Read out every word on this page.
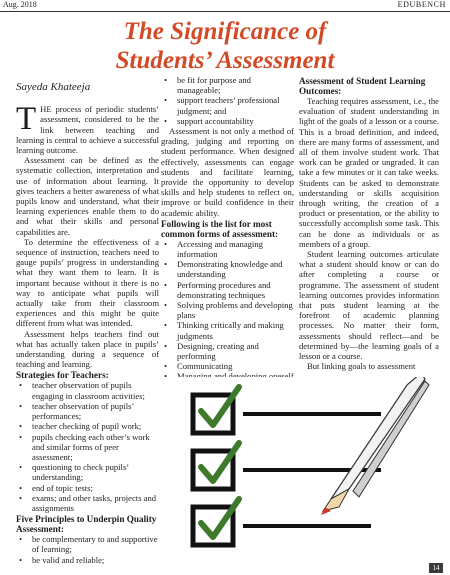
Aug. 2018	EDUBENCH
The Significance of
Students’ Assessment
Sayeda Khateeja

THE process of periodic students’ assessment, considered to be the link between teaching and learning is central to achieve a successful learning outcome.

Assessment can be defined as the systematic collection, interpretation and use of information about learning. It gives teachers a better awareness of what pupils know and understand, what their learning experiences enable them to do and what their skills and personal capabilities are.

To determine the effectiveness of a sequence of instruction, teachers need to gauge pupils’ progress in understanding what they want them to learn. It is important because without it there is no way to anticipate what pupils will actually take from their classroom experiences and this might be quite different from what was intended.

Assessment helps teachers find out what has actually taken place in pupils’ understanding during a sequence of teaching and learning.

Strategies for Teachers:
• teacher observation of pupils engaging in classroom activities;
• teacher observation of pupils’ performances;
• teacher checking of pupil work;
• pupils checking each other’s work and similar forms of peer assessment;
• questioning to check pupils’ understanding;
• end of topic tests;
• exams; and other tasks, projects and assignments
Five Principles to Underpin Quality Assessment:
• be complementary to and supportive of learning;
• be valid and reliable;
• be fit for purpose and manageable;
• support teachers’ professional judgment; and
• support accountability

Assessment is not only a method of grading, judging and reporting on student performance. When designed effectively, assessments can engage students and facilitate learning, provide the opportunity to develop skills and help students to reflect on, improve or build confidence in their academic ability.

Following is the list for most common forms of assessment:
• Accessing and managing information
• Demonstrating knowledge and understanding
• Performing procedures and demonstrating techniques
• Solving problems and developing plans
• Thinking critically and making judgments
• Designing, creating and performing
• Communicating
•
•
Assessment of Student Learning Outcomes:

Teaching requires assessment, i.e., the evaluation of student understanding in light of the goals of a lesson or a course. This is a broad definition, and indeed, there are many forms of assessment, and all of them involve student work. That work can be graded or ungraded. It can take a few minutes or it can take weeks. Students can be asked to demonstrate understanding or skills acquisition through writing, the creation of a product or presentation, or the ability to successfully accomplish some task. This can be done as individuals or as members of a group.

Student learning outcomes articulate what a student should know or can do after completing a course or programme. The assessment of student learning outcomes provides information that puts student learning at the forefront of academic planning processes. No matter their form, assessments should reflect—and be determined by—the learning goals of a lesson or a course.

But linking goals to assessment

14
